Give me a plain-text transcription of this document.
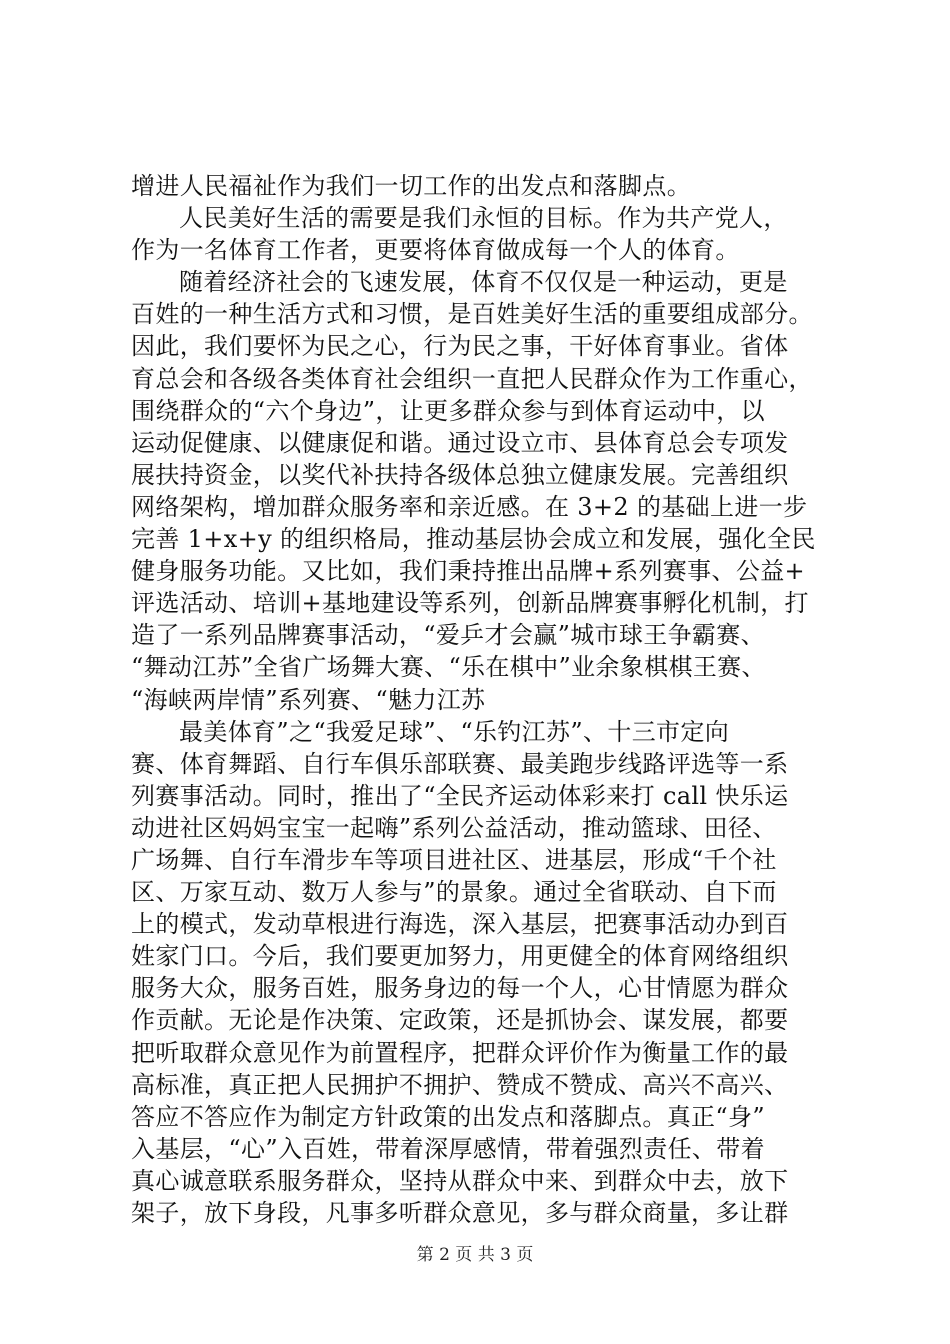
增进人民福祉作为我们一切工作的出发点和落脚点。
人民美好生活的需要是我们永恒的目标。作为共产党人，
作为一名体育工作者，更要将体育做成每一个人的体育。
随着经济社会的飞速发展，体育不仅仅是一种运动，更是
百姓的一种生活方式和习惯，是百姓美好生活的重要组成部分。
因此，我们要怀为民之心，行为民之事，干好体育事业。省体
育总会和各级各类体育社会组织一直把人民群众作为工作重心，
围绕群众的“六个身边”，让更多群众参与到体育运动中，以
运动促健康、以健康促和谐。通过设立市、县体育总会专项发
展扶持资金，以奖代补扶持各级体总独立健康发展。完善组织
网络架构，增加群众服务率和亲近感。在 3+2 的基础上进一步
完善 1+x+y 的组织格局，推动基层协会成立和发展，强化全民
健身服务功能。又比如，我们秉持推出品牌+系列赛事、公益+
评选活动、培训+基地建设等系列，创新品牌赛事孵化机制，打
造了一系列品牌赛事活动，“爱乒才会赢”城市球王争霸赛、
“舞动江苏”全省广场舞大赛、“乐在棋中”业余象棋棋王赛、
“海峡两岸情”系列赛、“魅力江苏
最美体育”之“我爱足球”、“乐钓江苏”、十三市定向
赛、体育舞蹈、自行车俱乐部联赛、最美跑步线路评选等一系
列赛事活动。同时，推出了“全民齐运动体彩来打 call 快乐运
动进社区妈妈宝宝一起嗨”系列公益活动，推动篮球、田径、
广场舞、自行车滑步车等项目进社区、进基层，形成“千个社
区、万家互动、数万人参与”的景象。通过全省联动、自下而
上的模式，发动草根进行海选，深入基层，把赛事活动办到百
姓家门口。今后，我们要更加努力，用更健全的体育网络组织
服务大众，服务百姓，服务身边的每一个人，心甘情愿为群众
作贡献。无论是作决策、定政策，还是抓协会、谋发展，都要
把听取群众意见作为前置程序，把群众评价作为衡量工作的最
高标准，真正把人民拥护不拥护、赞成不赞成、高兴不高兴、
答应不答应作为制定方针政策的出发点和落脚点。真正“身”
入基层，“心”入百姓，带着深厚感情，带着强烈责任、带着
真心诚意联系服务群众，坚持从群众中来、到群众中去，放下
架子，放下身段，凡事多听群众意见，多与群众商量，多让群
第 2 页 共 3 页
